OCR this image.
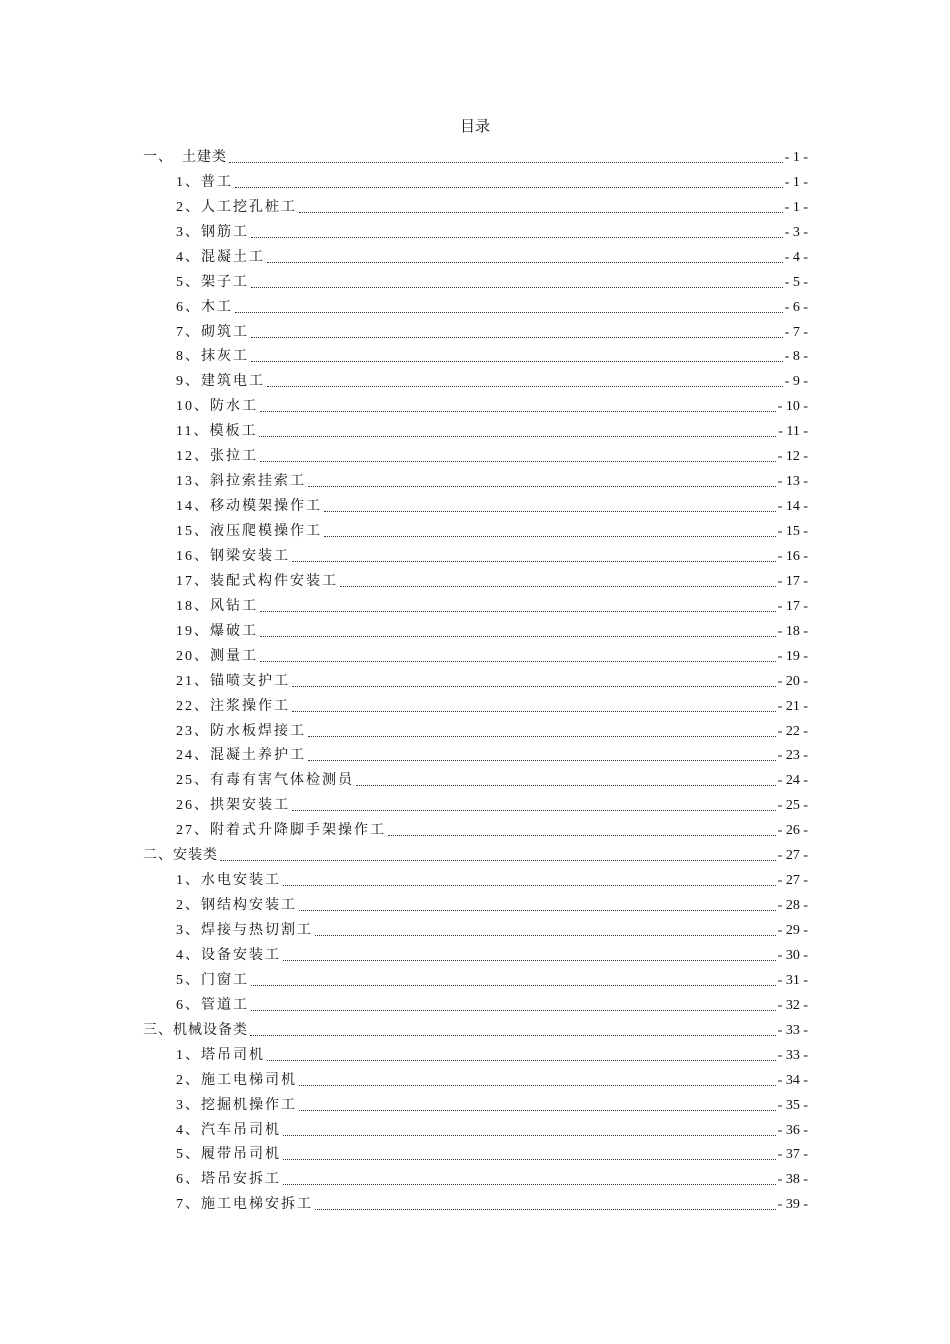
目录
一、  土建类	- 1 -
1、普工	- 1 -
2、人工挖孔桩工	- 1 -
3、钢筋工	- 3 -
4、混凝土工	- 4 -
5、架子工	- 5 -
6、木工	- 6 -
7、砌筑工	- 7 -
8、抹灰工	- 8 -
9、建筑电工	- 9 -
10、防水工	- 10 -
11、模板工	- 11 -
12、张拉工	- 12 -
13、斜拉索挂索工	- 13 -
14、移动模架操作工	- 14 -
15、液压爬模操作工	- 15 -
16、钢梁安装工	- 16 -
17、装配式构件安装工	- 17 -
18、风钻工	- 17 -
19、爆破工	- 18 -
20、测量工	- 19 -
21、锚喷支护工	- 20 -
22、注浆操作工	- 21 -
23、防水板焊接工	- 22 -
24、混凝土养护工	- 23 -
25、有毒有害气体检测员	- 24 -
26、拱架安装工	- 25 -
27、附着式升降脚手架操作工	- 26 -
二、安装类	- 27 -
1、水电安装工	- 27 -
2、钢结构安装工	- 28 -
3、焊接与热切割工	- 29 -
4、设备安装工	- 30 -
5、门窗工	- 31 -
6、管道工	- 32 -
三、机械设备类	- 33 -
1、塔吊司机	- 33 -
2、施工电梯司机	- 34 -
3、挖掘机操作工	- 35 -
4、汽车吊司机	- 36 -
5、履带吊司机	- 37 -
6、塔吊安拆工	- 38 -
7、施工电梯安拆工	- 39 -
